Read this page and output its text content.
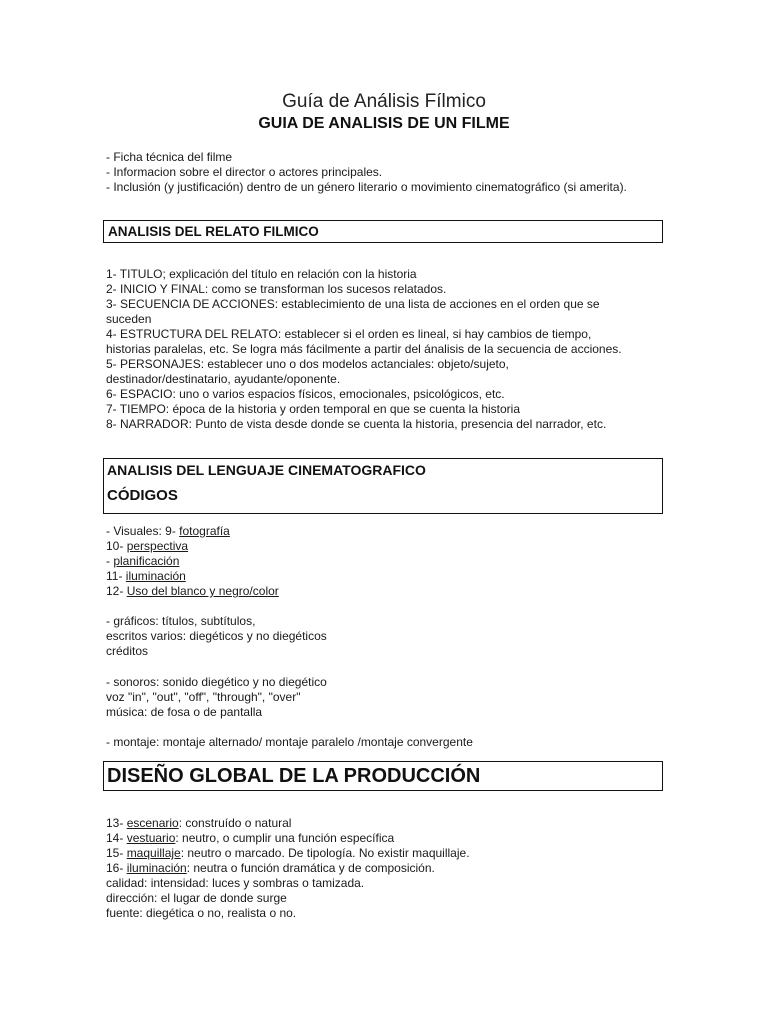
Guía de Análisis Fílmico
GUIA DE ANALISIS DE UN FILME
- Ficha técnica del filme
- Informacion sobre el director o actores principales.
- Inclusión (y justificación) dentro de un género literario o movimiento cinematográfico (si amerita).
ANALISIS DEL RELATO FILMICO
1- TITULO; explicación del título en relación con la historia
2- INICIO Y FINAL: como se transforman los sucesos relatados.
3- SECUENCIA DE ACCIONES: establecimiento de una lista de acciones en el orden que se
suceden
4- ESTRUCTURA DEL RELATO: establecer si el orden es lineal, si hay cambios de tiempo,
historias paralelas, etc. Se logra más fácilmente a partir del ánalisis de la secuencia de acciones.
5- PERSONAJES: establecer uno o dos modelos actanciales: objeto/sujeto,
destinador/destinatario, ayudante/oponente.
6- ESPACIO: uno o varios espacios físicos, emocionales, psicológicos, etc.
7- TIEMPO: época de la historia y orden temporal en que se cuenta la historia
8- NARRADOR: Punto de vista desde donde se cuenta la historia, presencia del narrador, etc.
ANALISIS DEL LENGUAJE CINEMATOGRAFICO
CÓDIGOS
- Visuales: 9- fotografía
10- perspectiva
- planificación
11- iluminación
12- Uso del blanco y negro/color
- gráficos: títulos, subtítulos,
escritos varios: diegéticos y no diegéticos
créditos
- sonoros: sonido diegético y no diegético
voz "in", "out", "off", "through", "over"
música: de fosa o de pantalla
- montaje: montaje alternado/ montaje paralelo /montaje convergente
DISEÑO GLOBAL DE LA PRODUCCIÓN
13- escenario: construído o natural
14- vestuario: neutro, o cumplir una función específica
15- maquillaje: neutro o marcado. De tipología. No existir maquillaje.
16- iluminación: neutra o función dramática y de composición.
calidad: intensidad: luces y sombras o tamizada.
dirección: el lugar de donde surge
fuente: diegética o no, realista o no.
